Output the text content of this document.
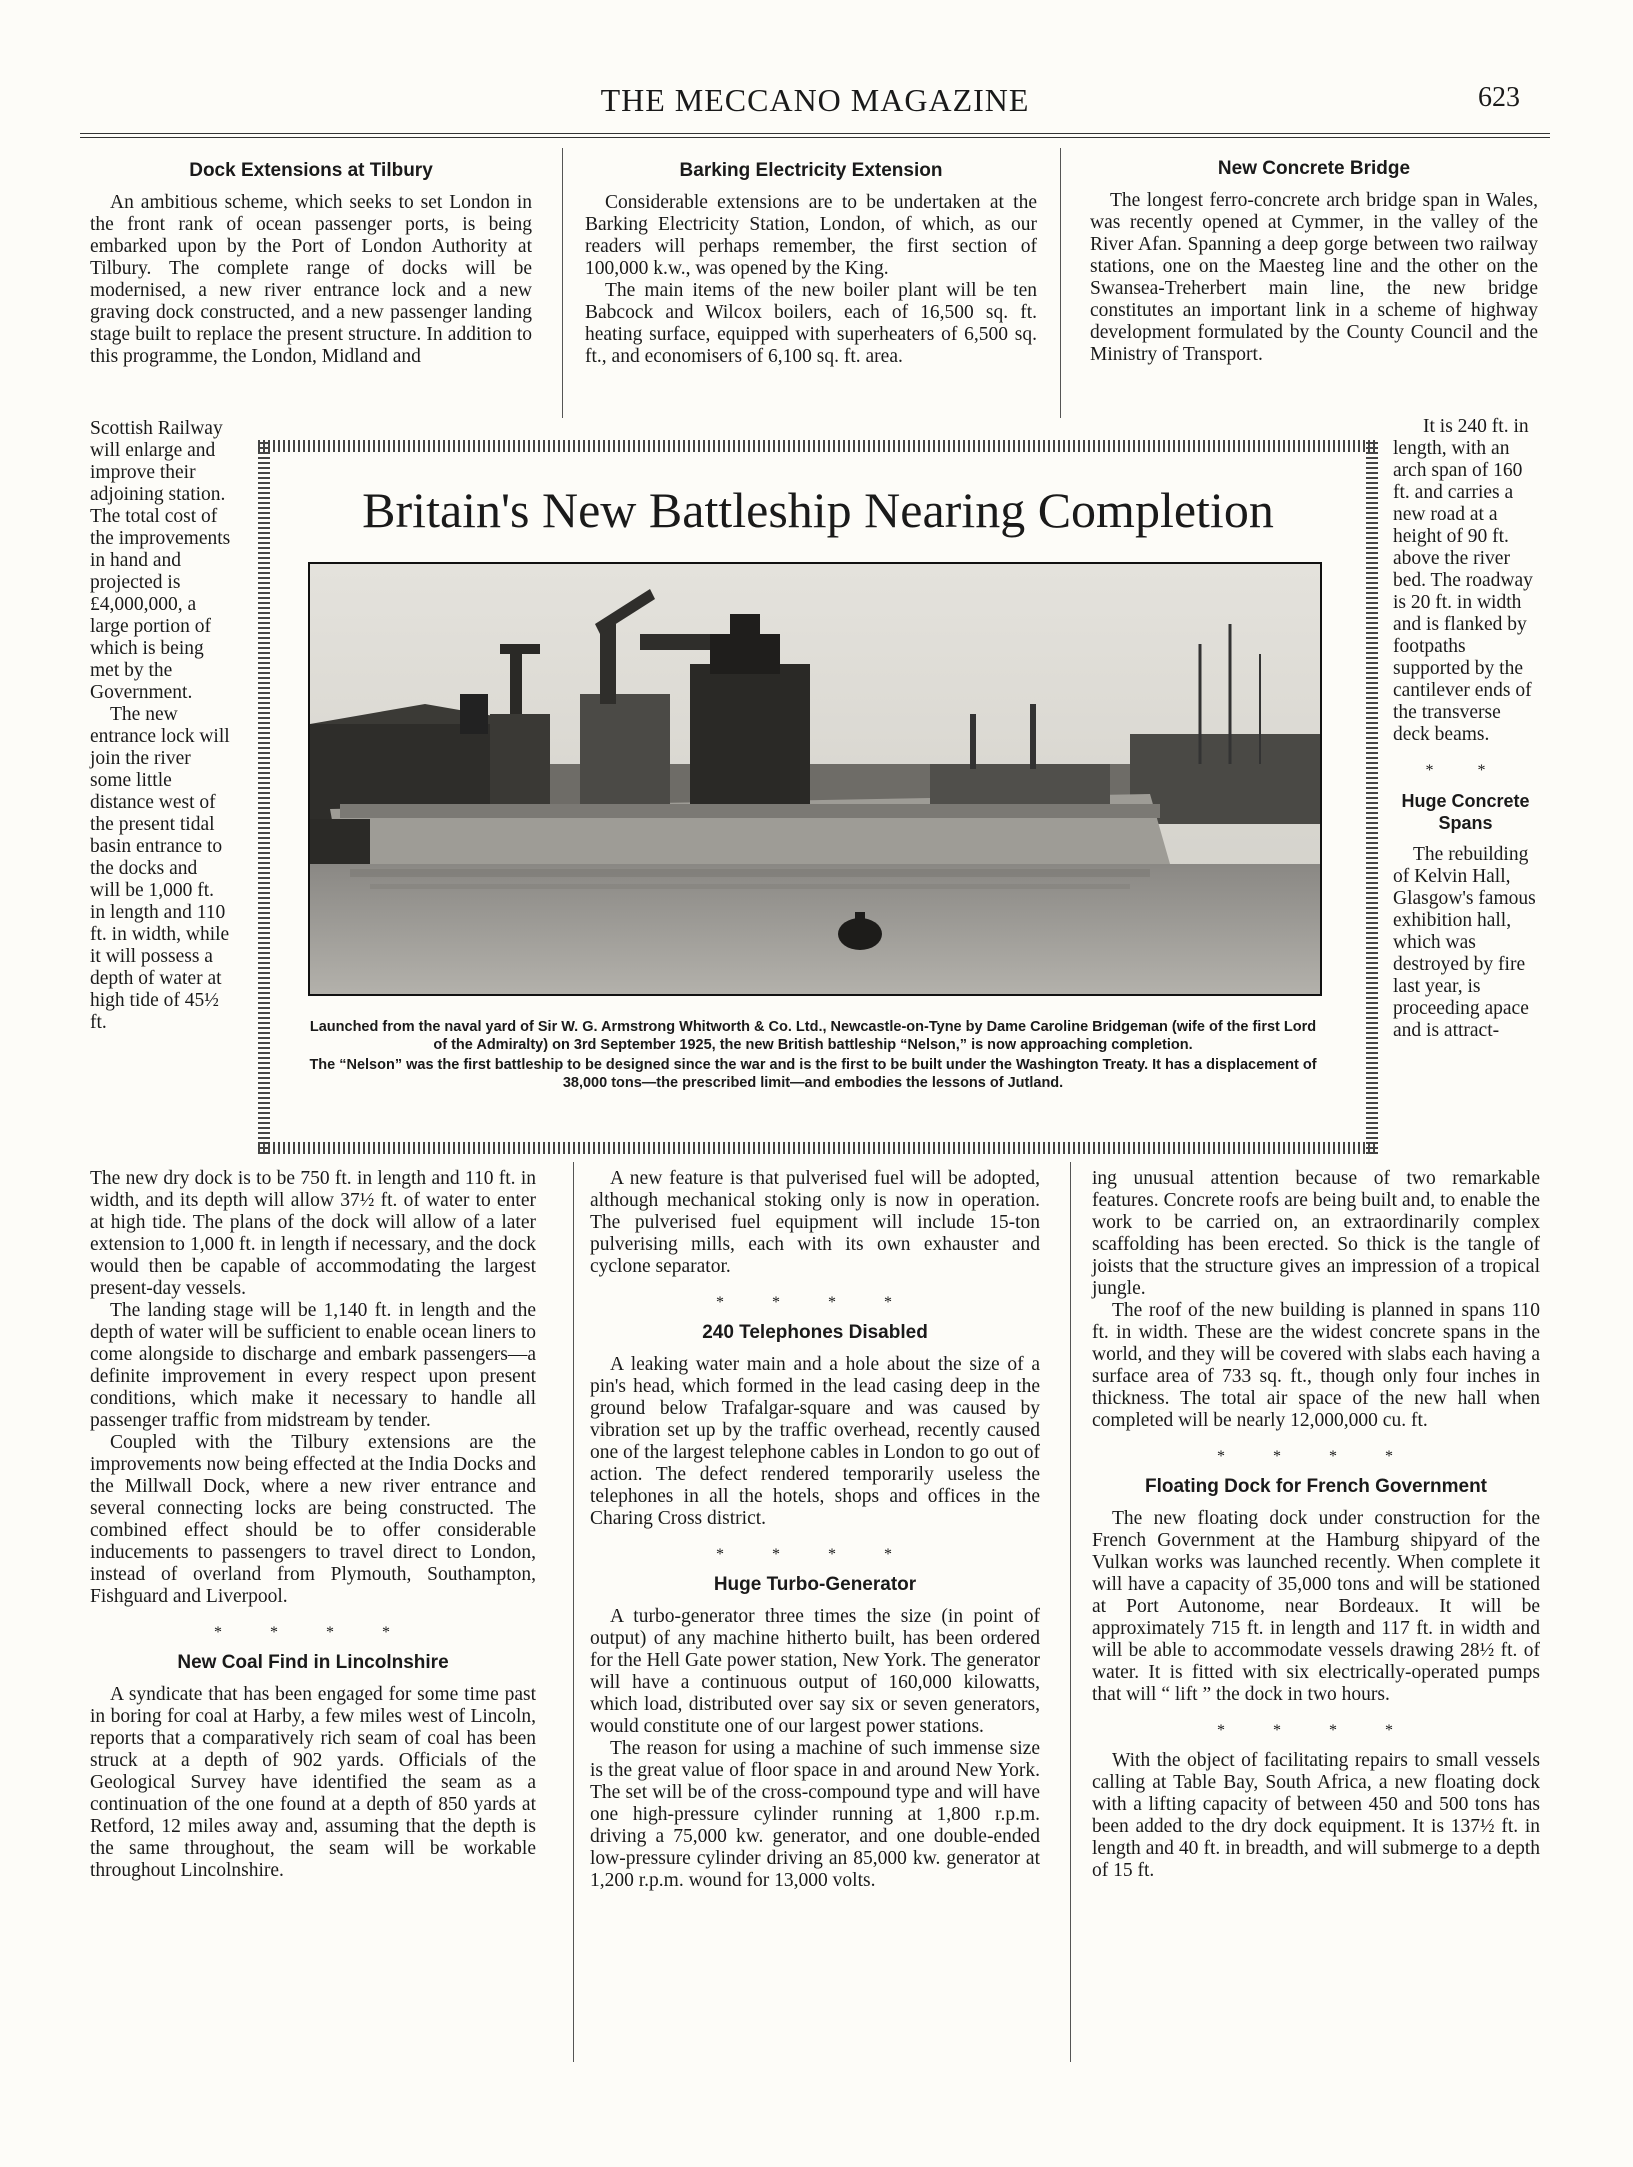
THE MECCANO MAGAZINE	623
Dock Extensions at Tilbury

An ambitious scheme, which seeks to set London in the front rank of ocean passenger ports, is being embarked upon by the Port of London Authority at Tilbury. The complete range of docks will be modernised, a new river entrance lock and a new graving dock constructed, and a new passenger landing stage built to replace the present structure. In addition to this programme, the London, Midland and

Scottish Railway will enlarge and improve their adjoining station. The total cost of the improvements in hand and projected is £4,000,000, a large portion of which is being met by the Government.

The new entrance lock will join the river some little distance west of the present tidal basin entrance to the docks and will be 1,000 ft. in length and 110 ft. in width, while it will possess a depth of water at high tide of 45½ ft.

The new dry dock is to be 750 ft. in length and 110 ft. in width, and its depth will allow 37½ ft. of water to enter at high tide. The plans of the dock will allow of a later extension to 1,000 ft. in length if necessary, and the dock would then be capable of accommodating the largest present-day vessels.

The landing stage will be 1,140 ft. in length and the depth of water will be sufficient to enable ocean liners to come alongside to discharge and embark passengers—a definite improvement in every respect upon present conditions, which make it necessary to handle all passenger traffic from midstream by tender.

Coupled with the Tilbury extensions are the improvements now being effected at the India Docks and the Millwall Dock, where a new river entrance and several connecting locks are being constructed. The combined effect should be to offer considerable inducements to passengers to travel direct to London, instead of overland from Plymouth, Southampton, Fishguard and Liverpool.

* * * *
New Coal Find in Lincolnshire

A syndicate that has been engaged for some time past in boring for coal at Harby, a few miles west of Lincoln, reports that a comparatively rich seam of coal has been struck at a depth of 902 yards. Officials of the Geological Survey have identified the seam as a continuation of the one found at a depth of 850 yards at Retford, 12 miles away and, assuming that the depth is the same throughout, the seam will be workable throughout Lincolnshire.

Barking Electricity Extension

Considerable extensions are to be undertaken at the Barking Electricity Station, London, of which, as our readers will perhaps remember, the first section of 100,000 k.w., was opened by the King.

The main items of the new boiler plant will be ten Babcock and Wilcox boilers, each of 16,500 sq. ft. heating surface, equipped with superheaters of 6,500 sq. ft., and economisers of 6,100 sq. ft. area.

A new feature is that pulverised fuel will be adopted, although mechanical stoking only is now in operation. The pulverised fuel equipment will include 15-ton pulverising mills, each with its own exhauster and cyclone separator.

* * * *
240 Telephones Disabled

A leaking water main and a hole about the size of a pin's head, which formed in the lead casing deep in the ground below Trafalgar-square and was caused by vibration set up by the traffic overhead, recently caused one of the largest telephone cables in London to go out of action. The defect rendered temporarily useless the telephones in all the hotels, shops and offices in the Charing Cross district.

* * * *
Huge Turbo-Generator

A turbo-generator three times the size (in point of output) of any machine hitherto built, has been ordered for the Hell Gate power station, New York. The generator will have a continuous output of 160,000 kilowatts, which load, distributed over say six or seven generators, would constitute one of our largest power stations.

The reason for using a machine of such immense size is the great value of floor space in and around New York. The set will be of the cross-compound type and will have one high-pressure cylinder running at 1,800 r.p.m. driving a 75,000 kw. generator, and one double-ended low-pressure cylinder driving an 85,000 kw. generator at 1,200 r.p.m. wound for 13,000 volts.

New Concrete Bridge

The longest ferro-concrete arch bridge span in Wales, was recently opened at Cymmer, in the valley of the River Afan. Spanning a deep gorge between two railway stations, one on the Maesteg line and the other on the Swansea-Treherbert main line, the new bridge constitutes an important link in a scheme of highway development formulated by the County Council and the Ministry of Transport.

It is 240 ft. in length, with an arch span of 160 ft. and carries a new road at a height of 90 ft. above the river bed. The roadway is 20 ft. in width and is flanked by footpaths supported by the cantilever ends of the transverse deck beams.

* *
Huge Concrete Spans

The rebuilding of Kelvin Hall, Glasgow's famous exhibition hall, which was destroyed by fire last year, is proceeding apace and is attract-

ing unusual attention because of two remarkable features. Concrete roofs are being built and, to enable the work to be carried on, an extraordinarily complex scaffolding has been erected. So thick is the tangle of joists that the structure gives an impression of a tropical jungle.

The roof of the new building is planned in spans 110 ft. in width. These are the widest concrete spans in the world, and they will be covered with slabs each having a surface area of 733 sq. ft., though only four inches in thickness. The total air space of the new hall when completed will be nearly 12,000,000 cu. ft.

* * * *
Floating Dock for French Government

The new floating dock under construction for the French Government at the Hamburg shipyard of the Vulkan works was launched recently. When complete it will have a capacity of 35,000 tons and will be stationed at Port Autonome, near Bordeaux. It will be approximately 715 ft. in length and 117 ft. in width and will be able to accommodate vessels drawing 28½ ft. of water. It is fitted with six electrically-operated pumps that will “ lift ” the dock in two hours.

* * * *

With the object of facilitating repairs to small vessels calling at Table Bay, South Africa, a new floating dock with a lifting capacity of between 450 and 500 tons has been added to the dry dock equipment. It is 137½ ft. in length and 40 ft. in breadth, and will submerge to a depth of 15 ft.

Britain's New Battleship Nearing Completion

Launched from the naval yard of Sir W. G. Armstrong Whitworth & Co. Ltd., Newcastle-on-Tyne by Dame Caroline Bridgeman (wife of the first Lord of the Admiralty) on 3rd September 1925, the new British battleship “Nelson,” is now approaching completion.

The “Nelson” was the first battleship to be designed since the war and is the first to be built under the Washington Treaty. It has a displacement of 38,000 tons—the prescribed limit—and embodies the lessons of Jutland.
